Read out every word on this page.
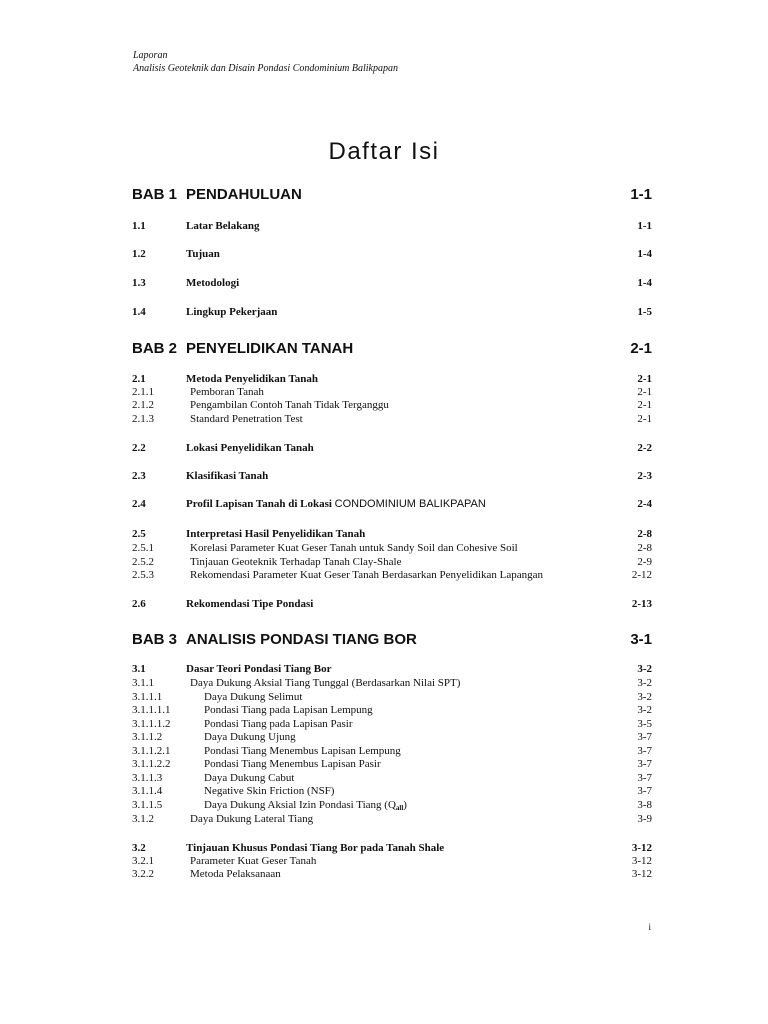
Laporan
Analisis Geoteknik dan Disain Pondasi Condominium Balikpapan
Daftar Isi
BAB 1 PENDAHULUAN	1-1
1.1	Latar Belakang	1-1
1.2	Tujuan	1-4
1.3	Metodologi	1-4
1.4	Lingkup Pekerjaan	1-5
BAB 2 PENYELIDIKAN TANAH	2-1
2.1	Metoda Penyelidikan Tanah	2-1
2.1.1	Pemboran Tanah	2-1
2.1.2	Pengambilan Contoh Tanah Tidak Terganggu	2-1
2.1.3	Standard Penetration Test	2-1
2.2	Lokasi Penyelidikan Tanah	2-2
2.3	Klasifikasi Tanah	2-3
2.4	Profil Lapisan Tanah di Lokasi CONDOMINIUM BALIKPAPAN	2-4
2.5	Interpretasi Hasil Penyelidikan Tanah	2-8
2.5.1	Korelasi Parameter Kuat Geser Tanah untuk Sandy Soil dan Cohesive Soil	2-8
2.5.2	Tinjauan Geoteknik Terhadap Tanah Clay-Shale	2-9
2.5.3	Rekomendasi Parameter Kuat Geser Tanah Berdasarkan Penyelidikan Lapangan	2-12
2.6	Rekomendasi Tipe Pondasi	2-13
BAB 3 ANALISIS PONDASI TIANG BOR	3-1
3.1	Dasar Teori Pondasi Tiang Bor	3-2
3.1.1	Daya Dukung Aksial Tiang Tunggal (Berdasarkan Nilai SPT)	3-2
3.1.1.1	Daya Dukung Selimut	3-2
3.1.1.1.1	Pondasi Tiang pada Lapisan Lempung	3-2
3.1.1.1.2	Pondasi Tiang pada Lapisan Pasir	3-5
3.1.1.2	Daya Dukung Ujung	3-7
3.1.1.2.1	Pondasi Tiang Menembus Lapisan Lempung	3-7
3.1.1.2.2	Pondasi Tiang Menembus Lapisan Pasir	3-7
3.1.1.3	Daya Dukung Cabut	3-7
3.1.1.4	Negative Skin Friction (NSF)	3-7
3.1.1.5	Daya Dukung Aksial Izin Pondasi Tiang $(Q_{all})$	3-8
3.1.2	Daya Dukung Lateral Tiang	3-9
3.2	Tinjauan Khusus Pondasi Tiang Bor pada Tanah Shale	3-12
3.2.1	Parameter Kuat Geser Tanah	3-12
3.2.2	Metoda Pelaksanaan	3-12
i
